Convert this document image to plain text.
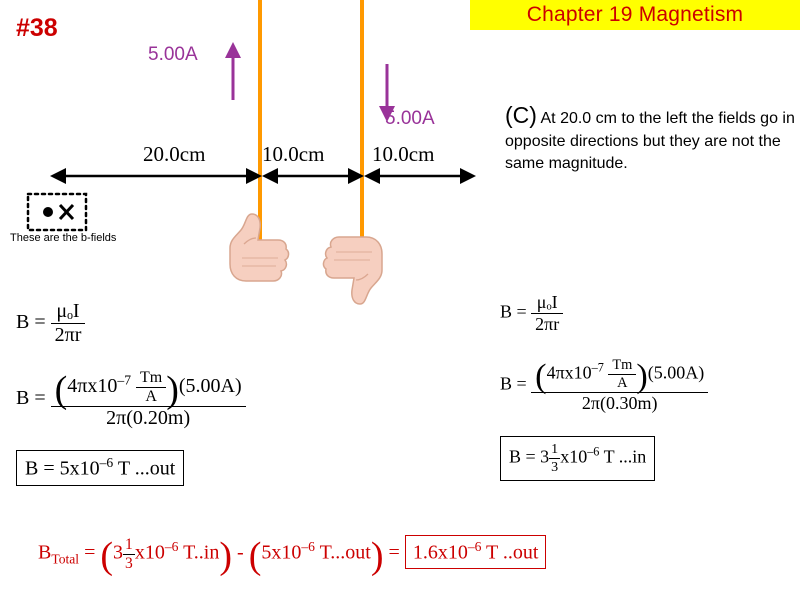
Chapter 19 Magnetism
#38
5.00A
5.00A
20.0cm	10.0cm 10.0cm
These are the b-fields
(C) At 20.0 cm to the left the fields go in opposite directions but they are not the same magnitude.
$B = \frac{\text{μₒI}}{2\pi r}$
$B = \frac{(4\pi x10^{-7} \frac{Tm}{A} )(5.00A)}{2\pi(0.20m)}$
$B = 5x10^{-6}$ T ...out
$B = \frac{\text{μₒI}}{2\pi r}$
$B = \frac{(4\pi x10^{-7} \frac{Tm}{A} )(5.00A)}{2\pi(0.30m)}$
$B = 3 \frac{1}{3} x10^{-6}$ T ...in
$B_{Total} = (3 \frac{1}{3} x10^{-6}$ $T..in) - (5x10^{-6}$ $T...out) = 1.6x10^{-6}$ T ..out
